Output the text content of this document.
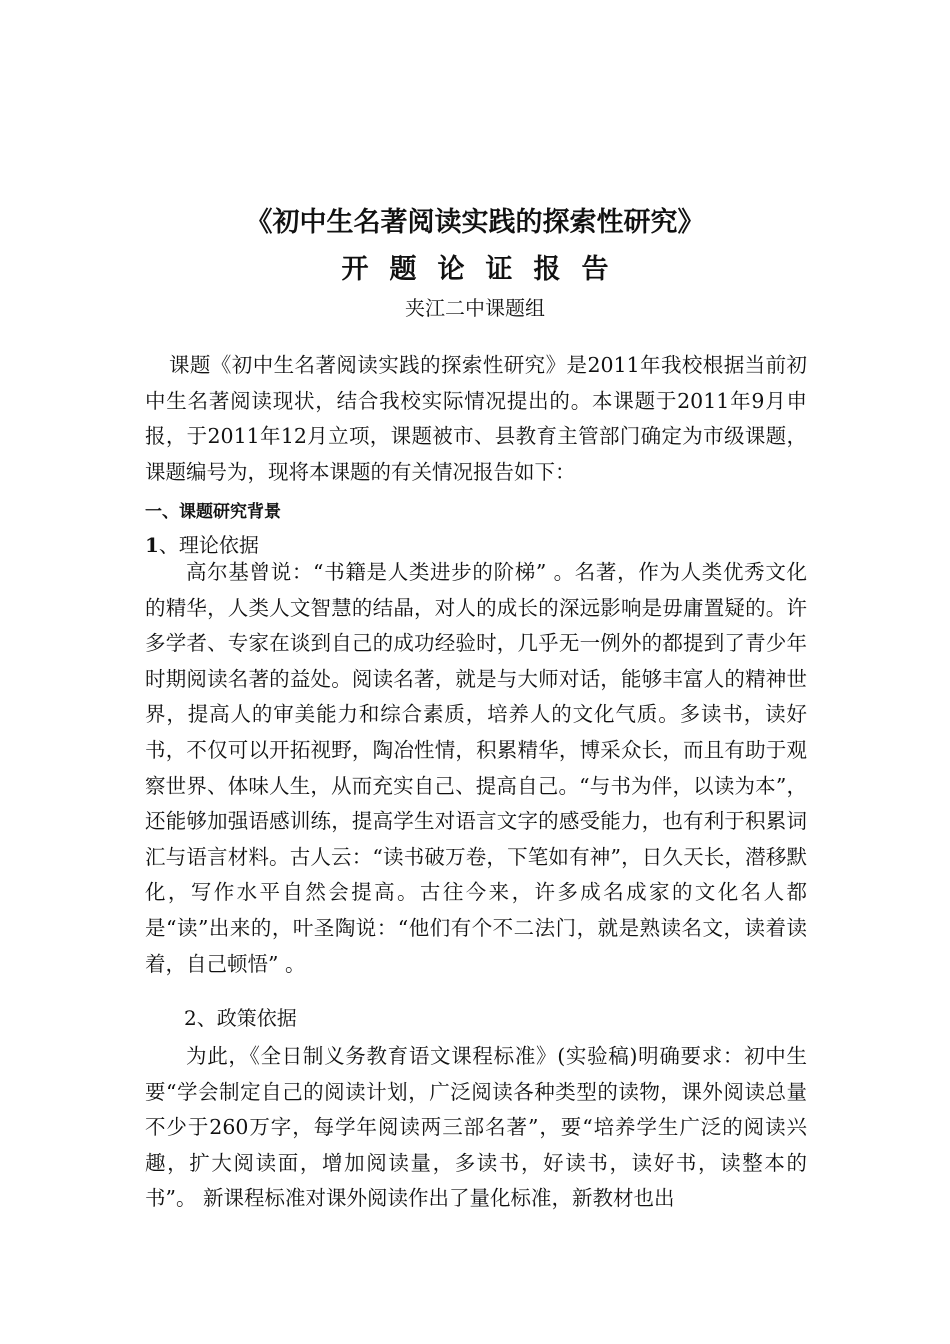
《初中生名著阅读实践的探索性研究》
开题论证报告
夹江二中课题组

课题《初中生名著阅读实践的探索性研究》是2011年我校根据当前初中生名著阅读现状，结合我校实际情况提出的。本课题于2011年9月申报，于2011年12月立项，课题被市、县教育主管部门确定为市级课题，课题编号为，现将本课题的有关情况报告如下：

一、课题研究背景
1、理论依据

高尔基曾说：“书籍是人类进步的阶梯” 。名著，作为人类优秀文化的精华，人类人文智慧的结晶，对人的成长的深远影响是毋庸置疑的。许多学者、专家在谈到自己的成功经验时，几乎无一例外的都提到了青少年时期阅读名著的益处。阅读名著，就是与大师对话，能够丰富人的精神世界，提高人的审美能力和综合素质，培养人的文化气质。多读书，读好书，不仅可以开拓视野，陶冶性情，积累精华，博采众长，而且有助于观察世界、体味人生，从而充实自己、提高自己。“与书为伴，以读为本”，还能够加强语感训练，提高学生对语言文字的感受能力，也有利于积累词汇与语言材料。古人云：“读书破万卷，下笔如有神”，日久天长，潜移默化，写作水平自然会提高。古往今来，许多成名成家的文化名人都是“读”出来的，叶圣陶说：“他们有个不二法门，就是熟读名文，读着读着，自己顿悟” 。

2、政策依据

为此，《全日制义务教育语文课程标准》(实验稿)明确要求：初中生要“学会制定自己的阅读计划，广泛阅读各种类型的读物，课外阅读总量不少于260万字，每学年阅读两三部名著”，要“培养学生广泛的阅读兴趣，扩大阅读面，增加阅读量，多读书，好读书，读好书，读整本的书”。 新课程标准对课外阅读作出了量化标准，新教材也出
